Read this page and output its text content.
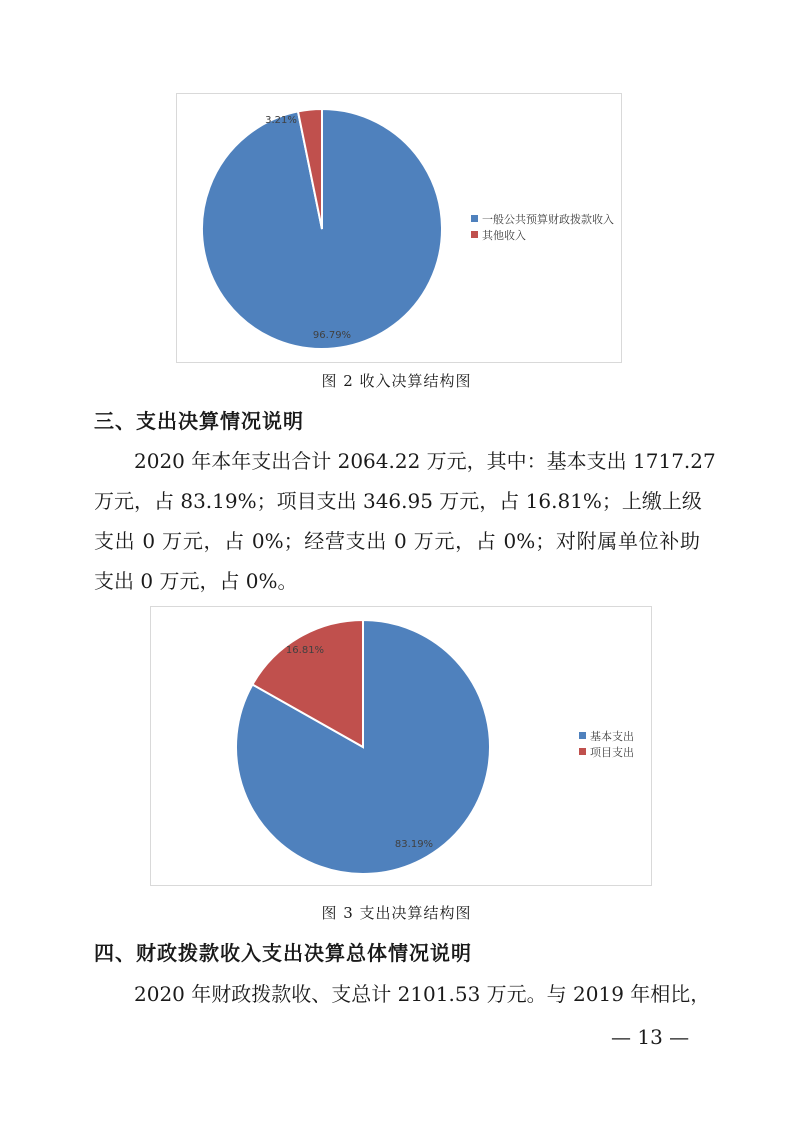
96.79%
3.21%
一般公共预算财政拨款收入
其他收入
图 2 收入决算结构图
三、支出决算情况说明
2020 年本年支出合计 2064.22 万元，其中：基本支出 1717.27
万元，占 83.19%；项目支出 346.95 万元，占 16.81%；上缴上级
支出 0 万元，占 0%；经营支出 0 万元，占 0%；对附属单位补助
支出 0 万元，占 0%。
83.19%
16.81%
基本支出
项目支出
图 3 支出决算结构图
四、财政拨款收入支出决算总体情况说明
2020 年财政拨款收、支总计 2101.53 万元。与 2019 年相比，
— 13 —
